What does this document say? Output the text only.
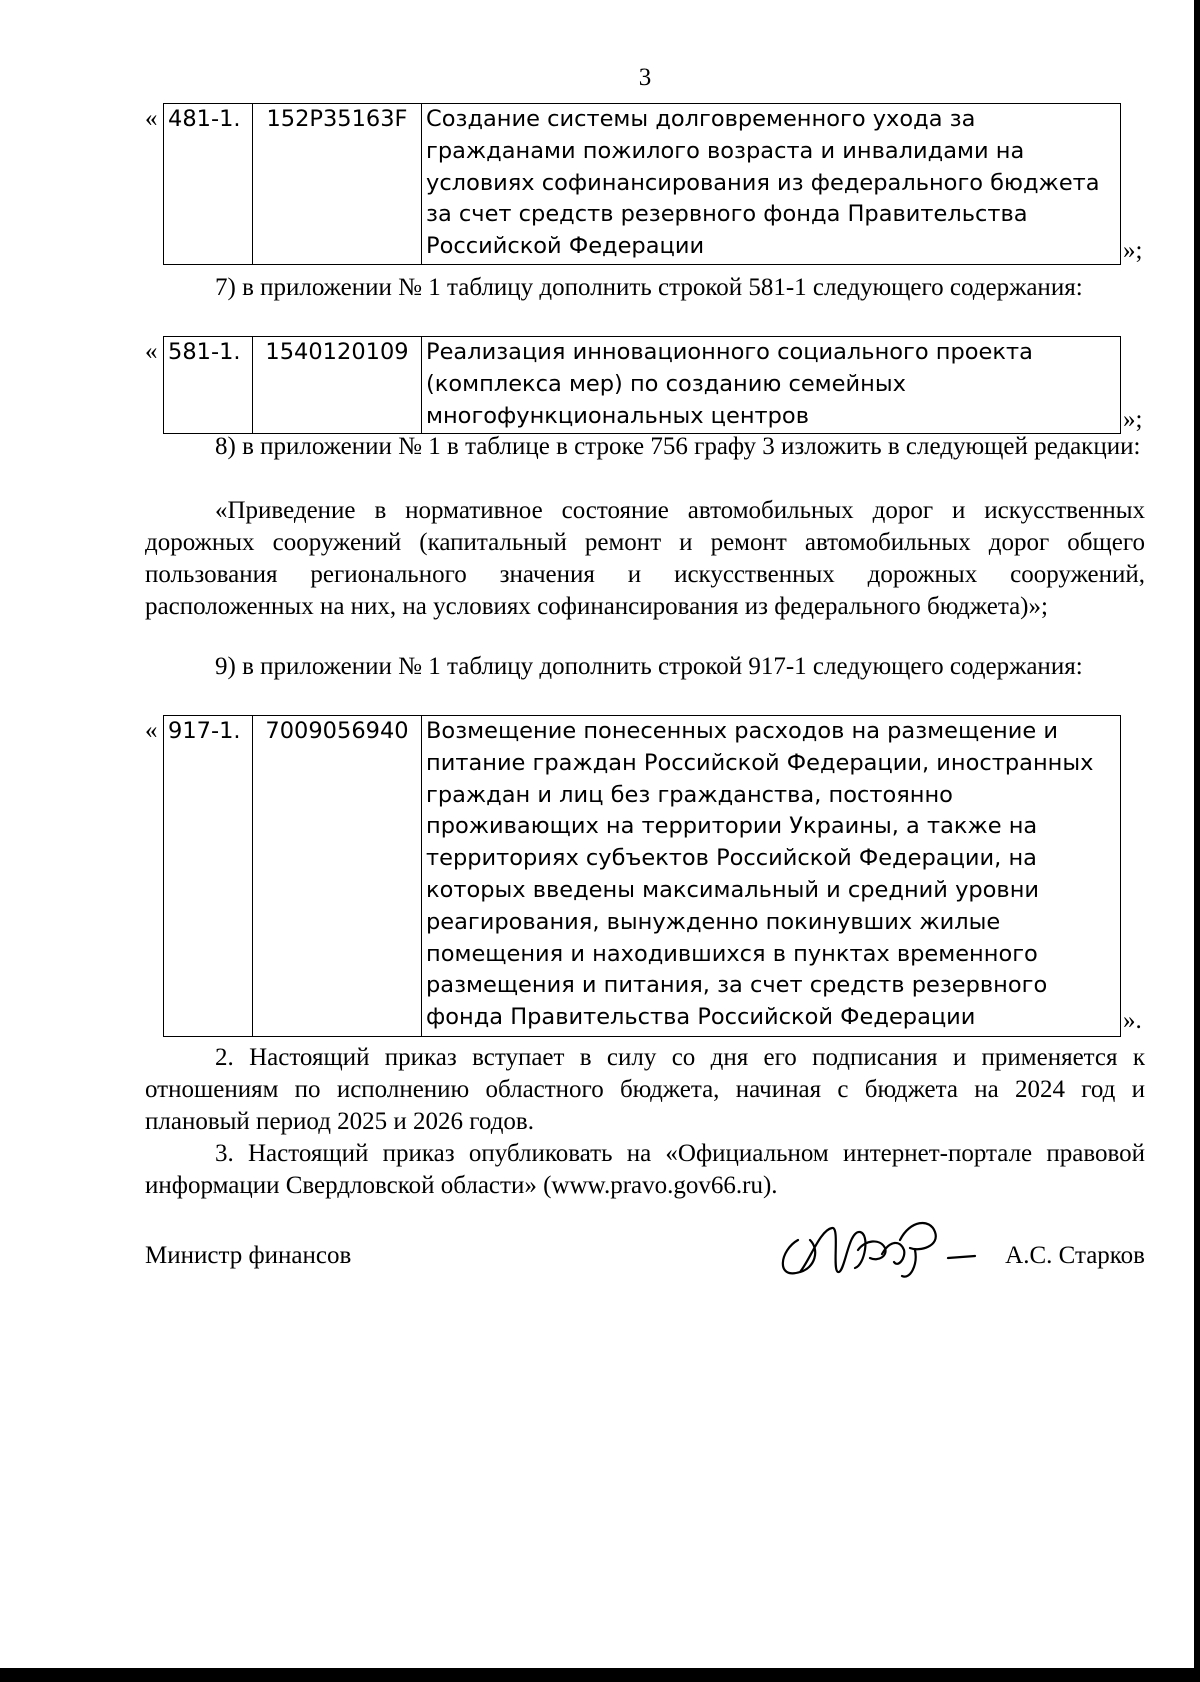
3
« 481-1.	152P35163F	Создание системы долговременного ухода за гражданами пожилого возраста и инвалидами на условиях софинансирования из федерального бюджета за счет средств резервного фонда Правительства Российской Федерации	»;
7) в приложении № 1 таблицу дополнить строкой 581-1 следующего содержания:
« 581-1.	1540120109	Реализация инновационного социального проекта (комплекса мер) по созданию семейных многофункциональных центров	»;
8) в приложении № 1 в таблице в строке 756 графу 3 изложить в следующей редакции:
«Приведение в нормативное состояние автомобильных дорог и искусственных дорожных сооружений (капитальный ремонт и ремонт автомобильных дорог общего пользования регионального значения и искусственных дорожных сооружений, расположенных на них, на условиях софинансирования из федерального бюджета)»;
9) в приложении № 1 таблицу дополнить строкой 917-1 следующего содержания:
« 917-1.	7009056940	Возмещение понесенных расходов на размещение и питание граждан Российской Федерации, иностранных граждан и лиц без гражданства, постоянно проживающих на территории Украины, а также на территориях субъектов Российской Федерации, на которых введены максимальный и средний уровни реагирования, вынужденно покинувших жилые помещения и находившихся в пунктах временного размещения и питания, за счет средств резервного фонда Правительства Российской Федерации	».
2. Настоящий приказ вступает в силу со дня его подписания и применяется к отношениям по исполнению областного бюджета, начиная с бюджета на 2024 год и плановый период 2025 и 2026 годов.
3. Настоящий приказ опубликовать на «Официальном интернет-портале правовой информации Свердловской области» (www.pravo.gov66.ru).
Министр финансов	А.С. Старков
